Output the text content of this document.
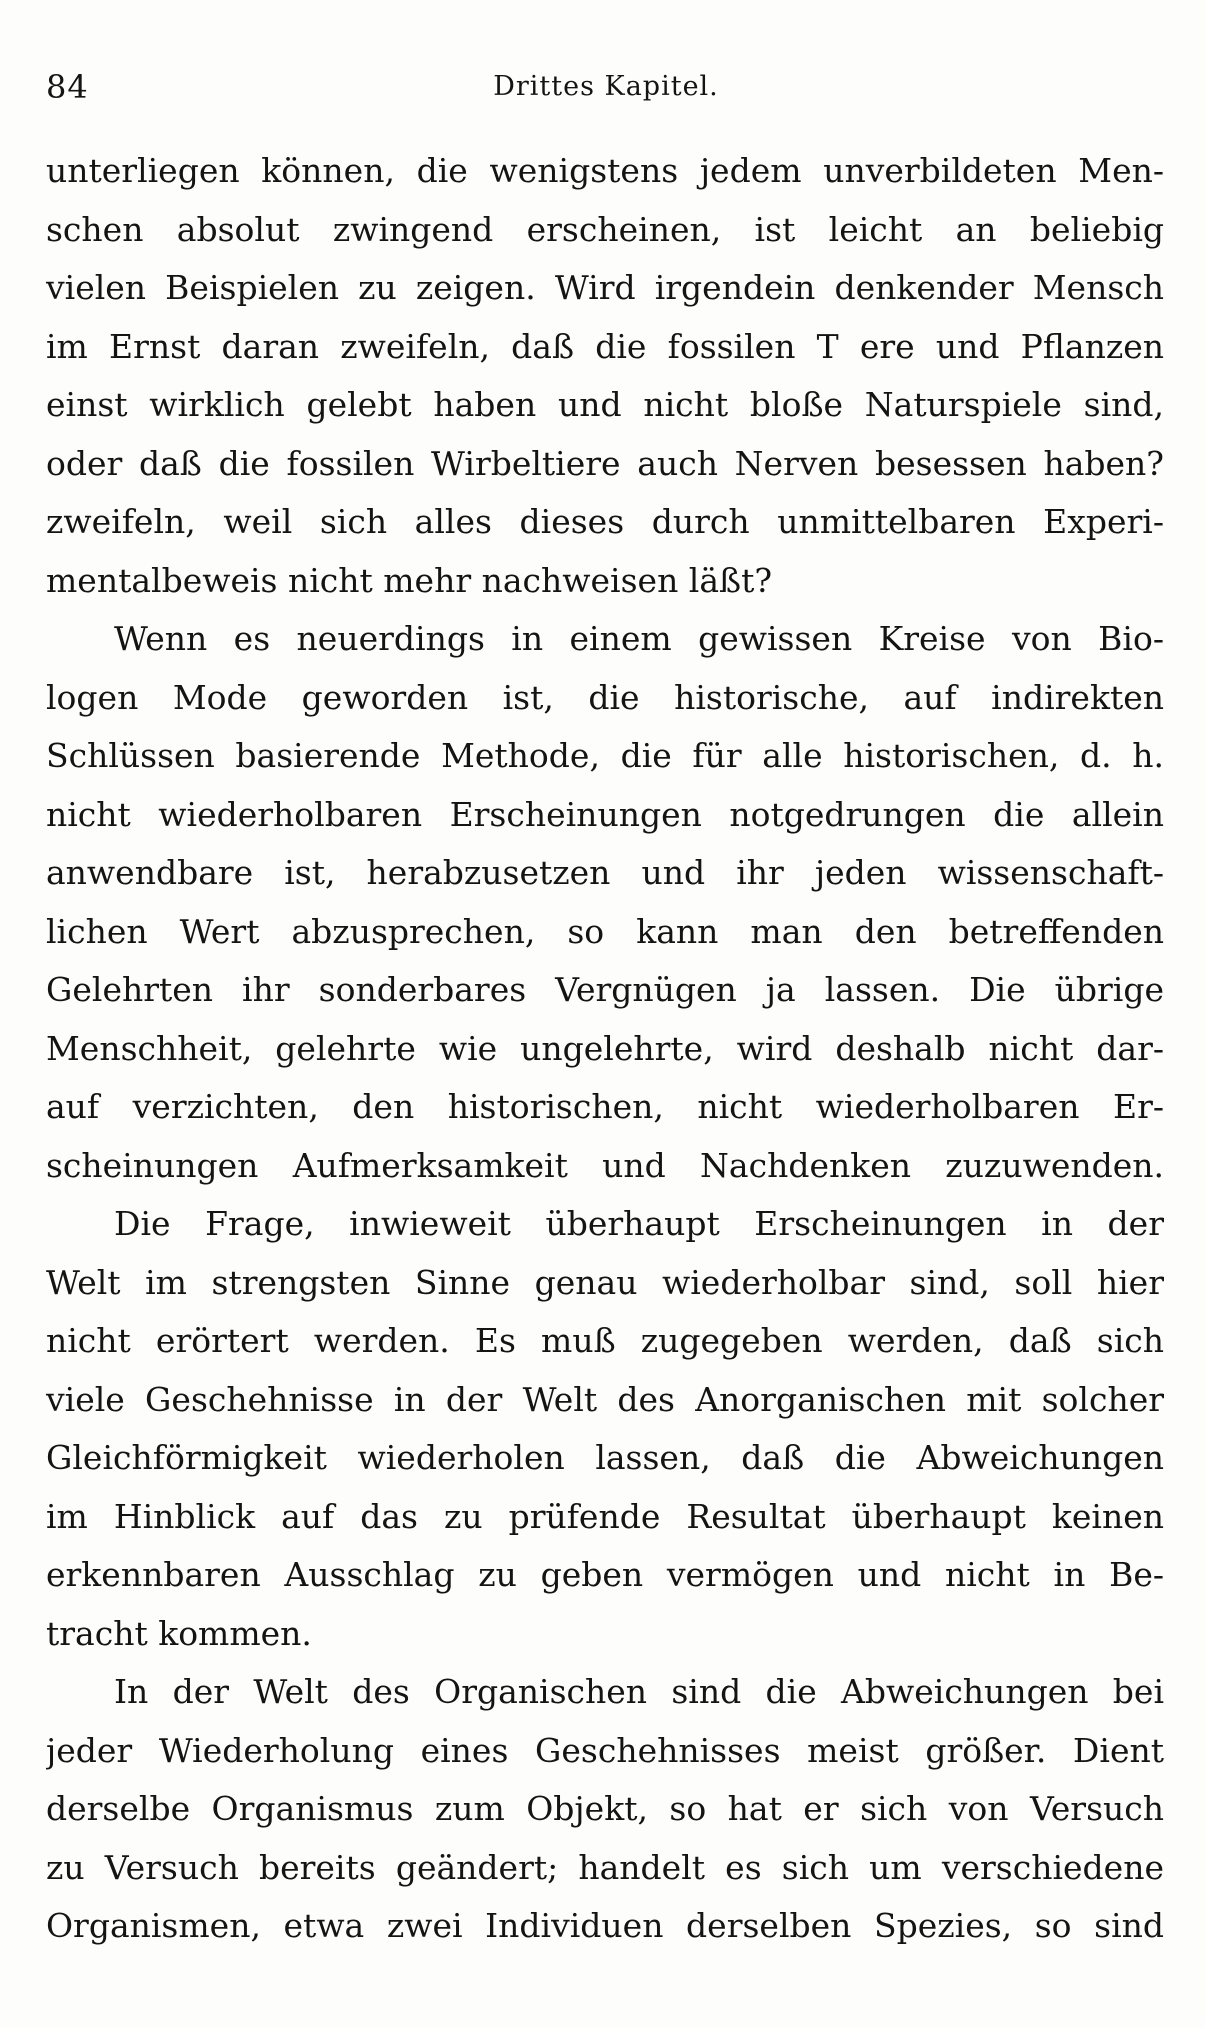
84	Drittes Kapitel.
unterliegen können, die wenigstens jedem unverbildeten Men-
schen absolut zwingend erscheinen, ist leicht an beliebig
vielen Beispielen zu zeigen. Wird irgendein denkender Mensch
im Ernst daran zweifeln, daß die fossilen T ere und Pflanzen
einst wirklich gelebt haben und nicht bloße Naturspiele sind,
oder daß die fossilen Wirbeltiere auch Nerven besessen haben?
zweifeln, weil sich alles dieses durch unmittelbaren Experi-
mentalbeweis nicht mehr nachweisen läßt?
Wenn es neuerdings in einem gewissen Kreise von Bio-
logen Mode geworden ist, die historische, auf indirekten
Schlüssen basierende Methode, die für alle historischen, d. h.
nicht wiederholbaren Erscheinungen notgedrungen die allein
anwendbare ist, herabzusetzen und ihr jeden wissenschaft-
lichen Wert abzusprechen, so kann man den betreffenden
Gelehrten ihr sonderbares Vergnügen ja lassen. Die übrige
Menschheit, gelehrte wie ungelehrte, wird deshalb nicht dar-
auf verzichten, den historischen, nicht wiederholbaren Er-
scheinungen Aufmerksamkeit und Nachdenken zuzuwenden.
Die Frage, inwieweit überhaupt Erscheinungen in der
Welt im strengsten Sinne genau wiederholbar sind, soll hier
nicht erörtert werden. Es muß zugegeben werden, daß sich
viele Geschehnisse in der Welt des Anorganischen mit solcher
Gleichförmigkeit wiederholen lassen, daß die Abweichungen
im Hinblick auf das zu prüfende Resultat überhaupt keinen
erkennbaren Ausschlag zu geben vermögen und nicht in Be-
tracht kommen.
In der Welt des Organischen sind die Abweichungen bei
jeder Wiederholung eines Geschehnisses meist größer. Dient
derselbe Organismus zum Objekt, so hat er sich von Versuch
zu Versuch bereits geändert; handelt es sich um verschiedene
Organismen, etwa zwei Individuen derselben Spezies, so sind
